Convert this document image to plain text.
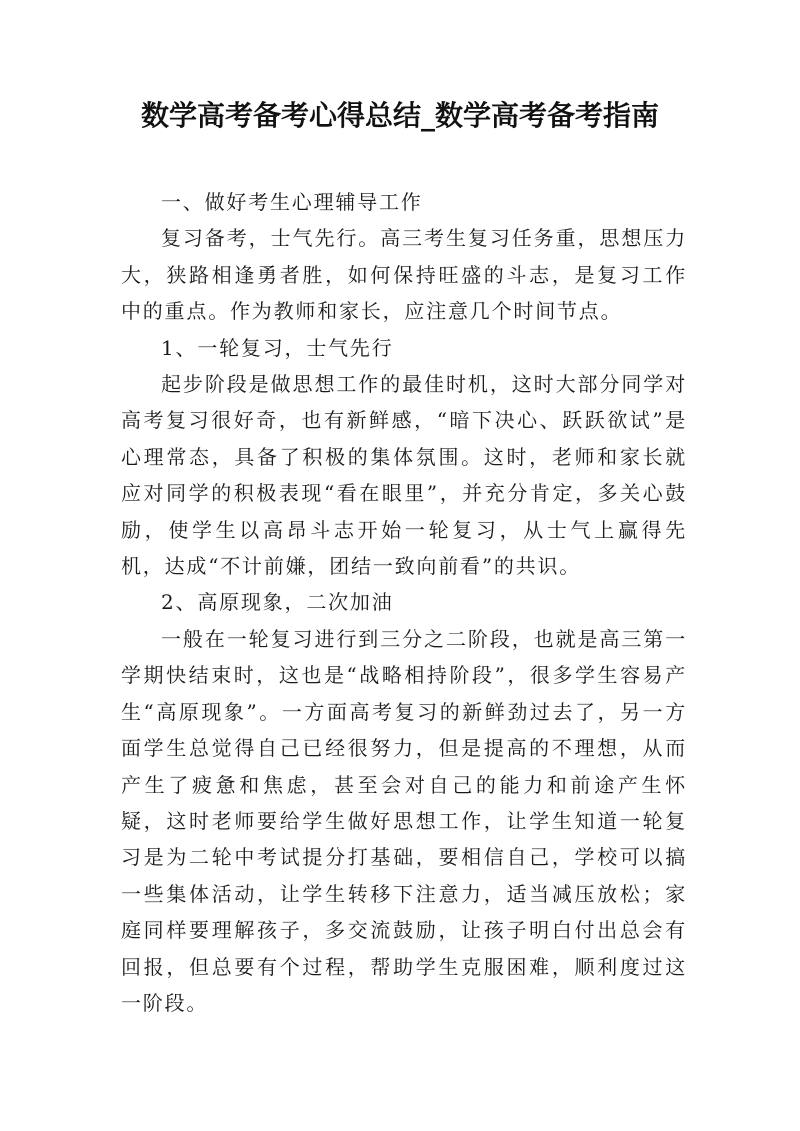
数学高考备考心得总结_数学高考备考指南

一、做好考生心理辅导工作

复习备考，士气先行。高三考生复习任务重，思想压力大，狭路相逢勇者胜，如何保持旺盛的斗志，是复习工作中的重点。作为教师和家长，应注意几个时间节点。

1、一轮复习，士气先行

起步阶段是做思想工作的最佳时机，这时大部分同学对高考复习很好奇，也有新鲜感，“暗下决心、跃跃欲试”是心理常态，具备了积极的集体氛围。这时，老师和家长就应对同学的积极表现“看在眼里”，并充分肯定，多关心鼓励，使学生以高昂斗志开始一轮复习，从士气上赢得先机，达成“不计前嫌，团结一致向前看”的共识。

2、高原现象，二次加油

一般在一轮复习进行到三分之二阶段，也就是高三第一学期快结束时，这也是“战略相持阶段”，很多学生容易产生“高原现象”。一方面高考复习的新鲜劲过去了，另一方面学生总觉得自己已经很努力，但是提高的不理想，从而产生了疲惫和焦虑，甚至会对自己的能力和前途产生怀疑，这时老师要给学生做好思想工作，让学生知道一轮复习是为二轮中考试提分打基础，要相信自己，学校可以搞一些集体活动，让学生转移下注意力，适当减压放松；家庭同样要理解孩子，多交流鼓励，让孩子明白付出总会有回报，但总要有个过程，帮助学生克服困难，顺利度过这一阶段。
